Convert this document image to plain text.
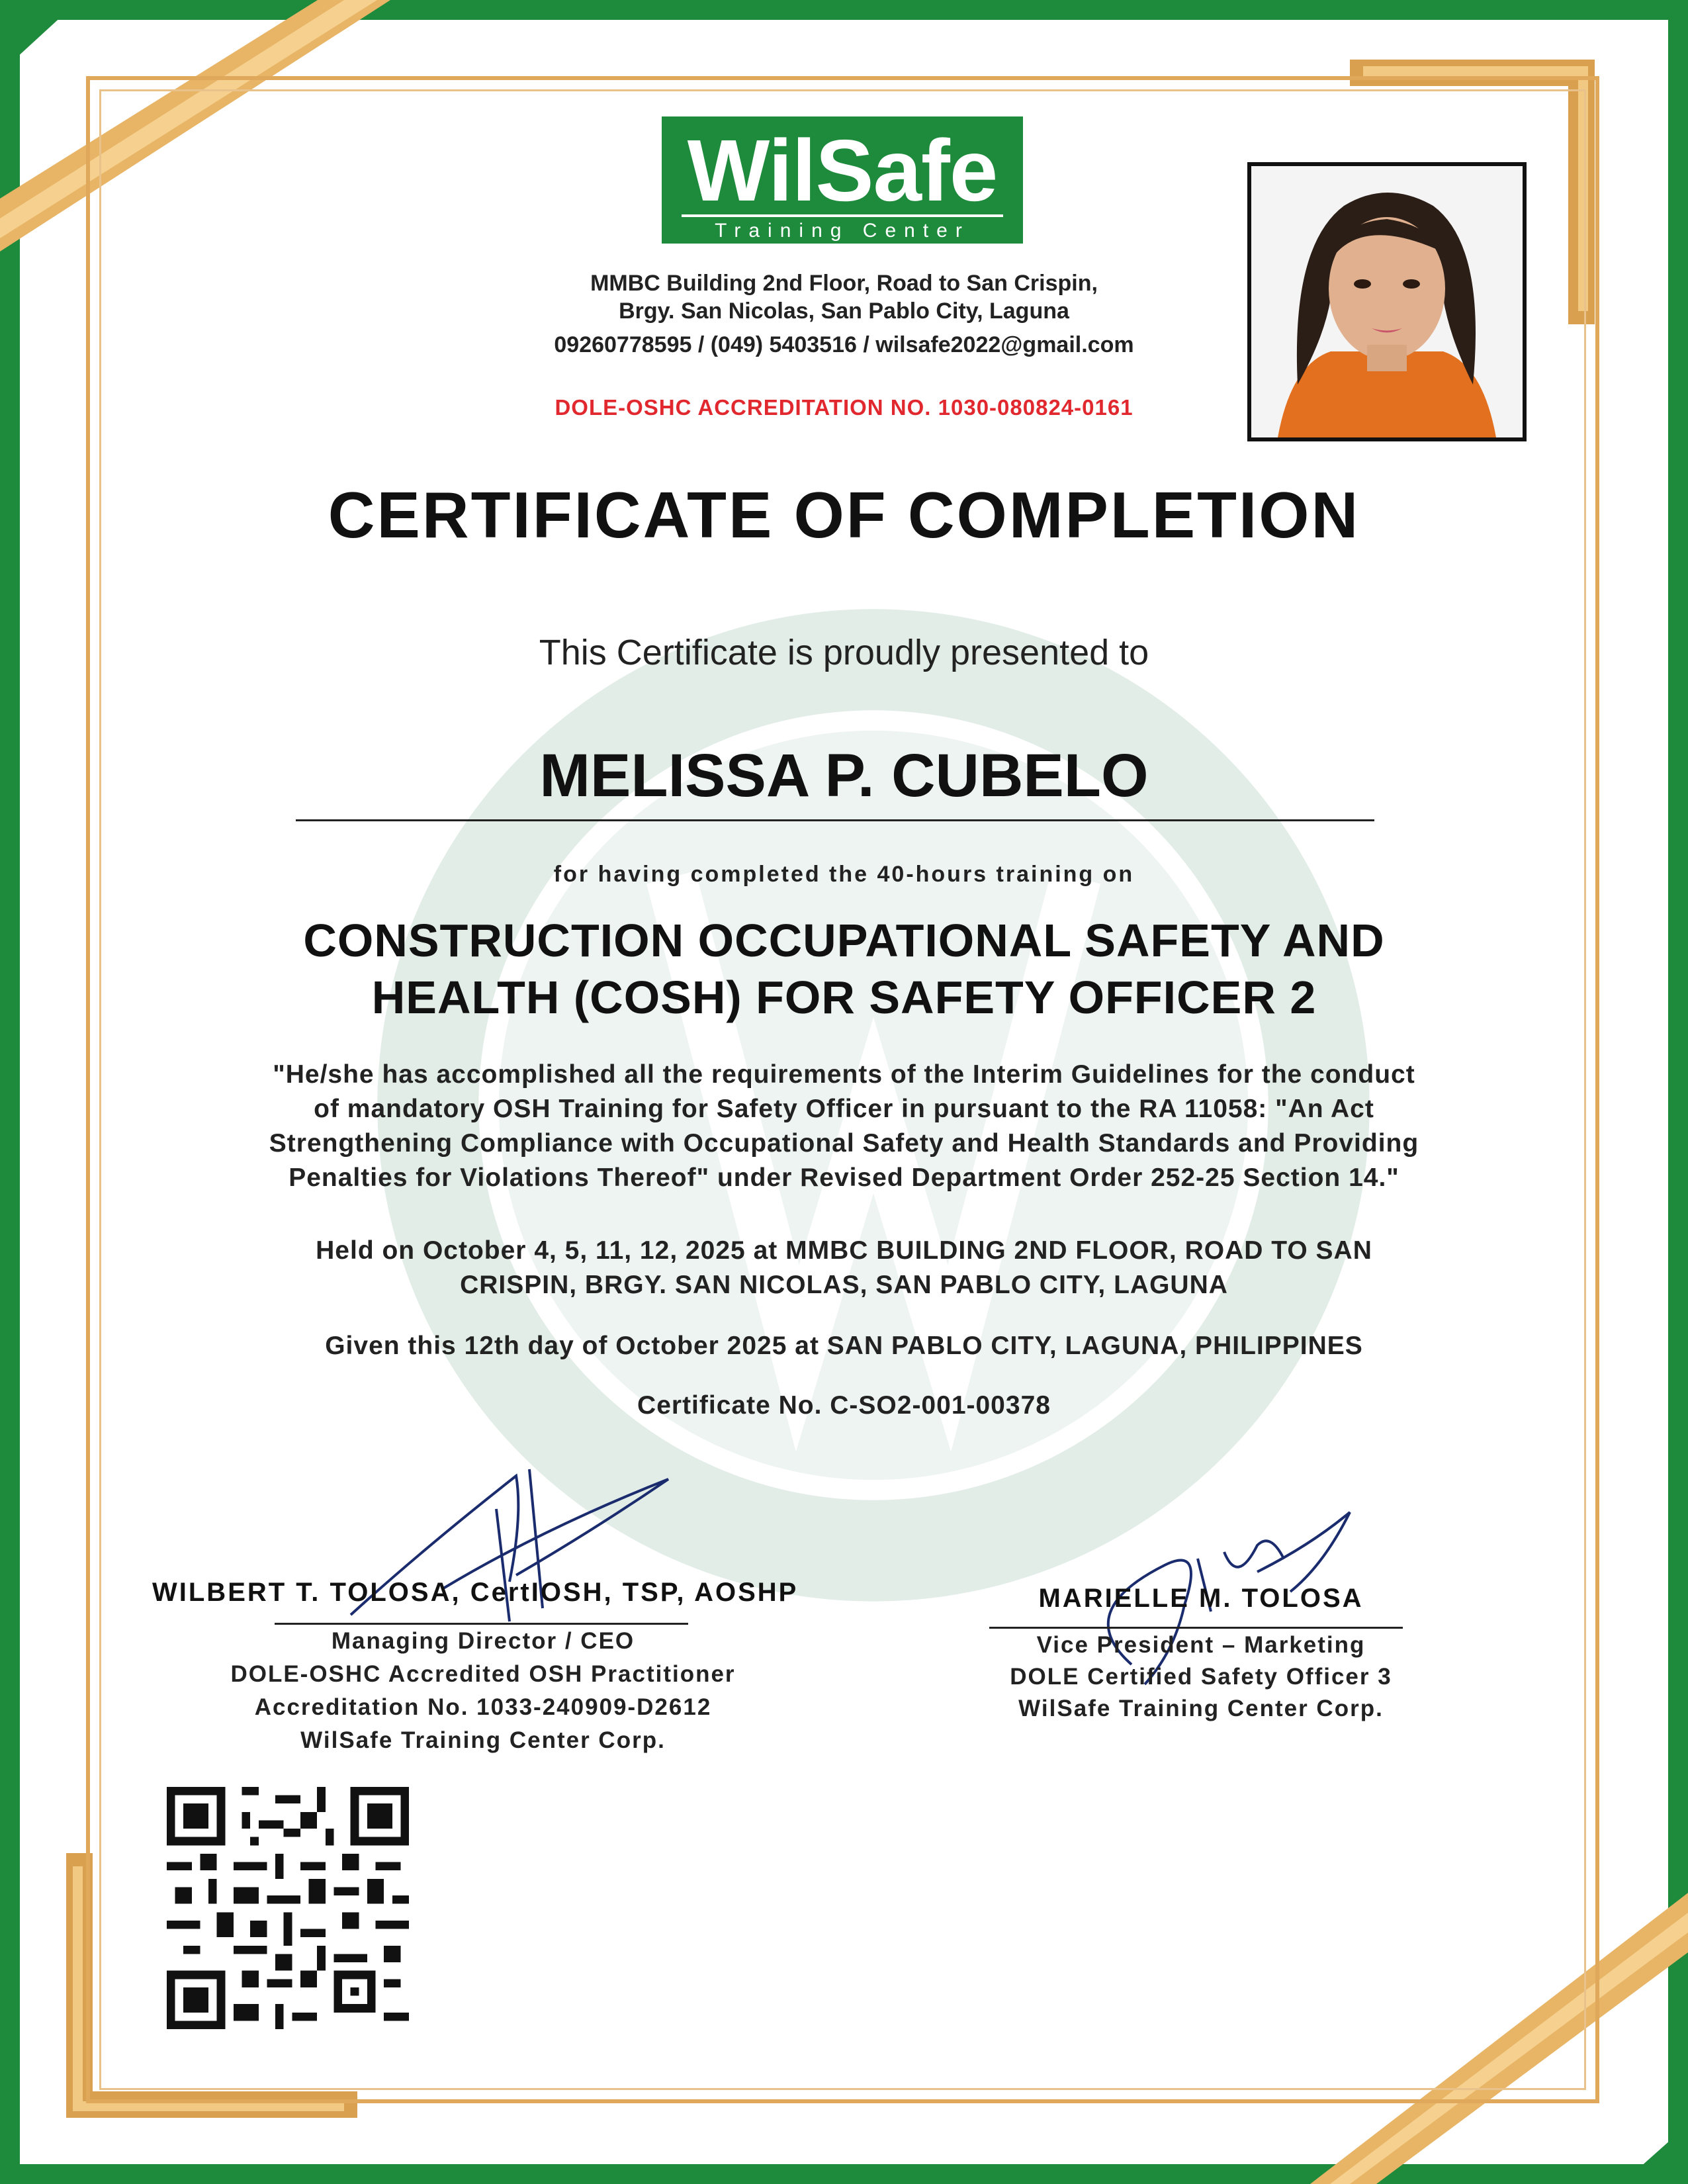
WilSafe
Training Center
MMBC Building 2nd Floor, Road to San Crispin,
Brgy. San Nicolas, San Pablo City, Laguna
09260778595 / (049) 5403516 / wilsafe2022@gmail.com
DOLE-OSHC ACCREDITATION NO. 1030-080824-0161
CERTIFICATE OF COMPLETION
This Certificate is proudly presented to
MELISSA P. CUBELO
for having completed the 40-hours training on
CONSTRUCTION OCCUPATIONAL SAFETY AND
HEALTH (COSH) FOR SAFETY OFFICER 2
"He/she has accomplished all the requirements of the Interim Guidelines for the conduct
of mandatory OSH Training for Safety Officer in pursuant to the RA 11058: "An Act
Strengthening Compliance with Occupational Safety and Health Standards and Providing
Penalties for Violations Thereof" under Revised Department Order 252-25 Section 14."
Held on October 4, 5, 11, 12, 2025 at MMBC BUILDING 2ND FLOOR, ROAD TO SAN
CRISPIN, BRGY. SAN NICOLAS, SAN PABLO CITY, LAGUNA
Given this 12th day of October 2025 at SAN PABLO CITY, LAGUNA, PHILIPPINES
Certificate No. C-SO2-001-00378
WILBERT T. TOLOSA, CertIOSH, TSP, AOSHP
Managing Director / CEO
DOLE-OSHC Accredited OSH Practitioner
Accreditation No. 1033-240909-D2612
WilSafe Training Center Corp.
MARIELLE M. TOLOSA
Vice President – Marketing
DOLE Certified Safety Officer 3
WilSafe Training Center Corp.
